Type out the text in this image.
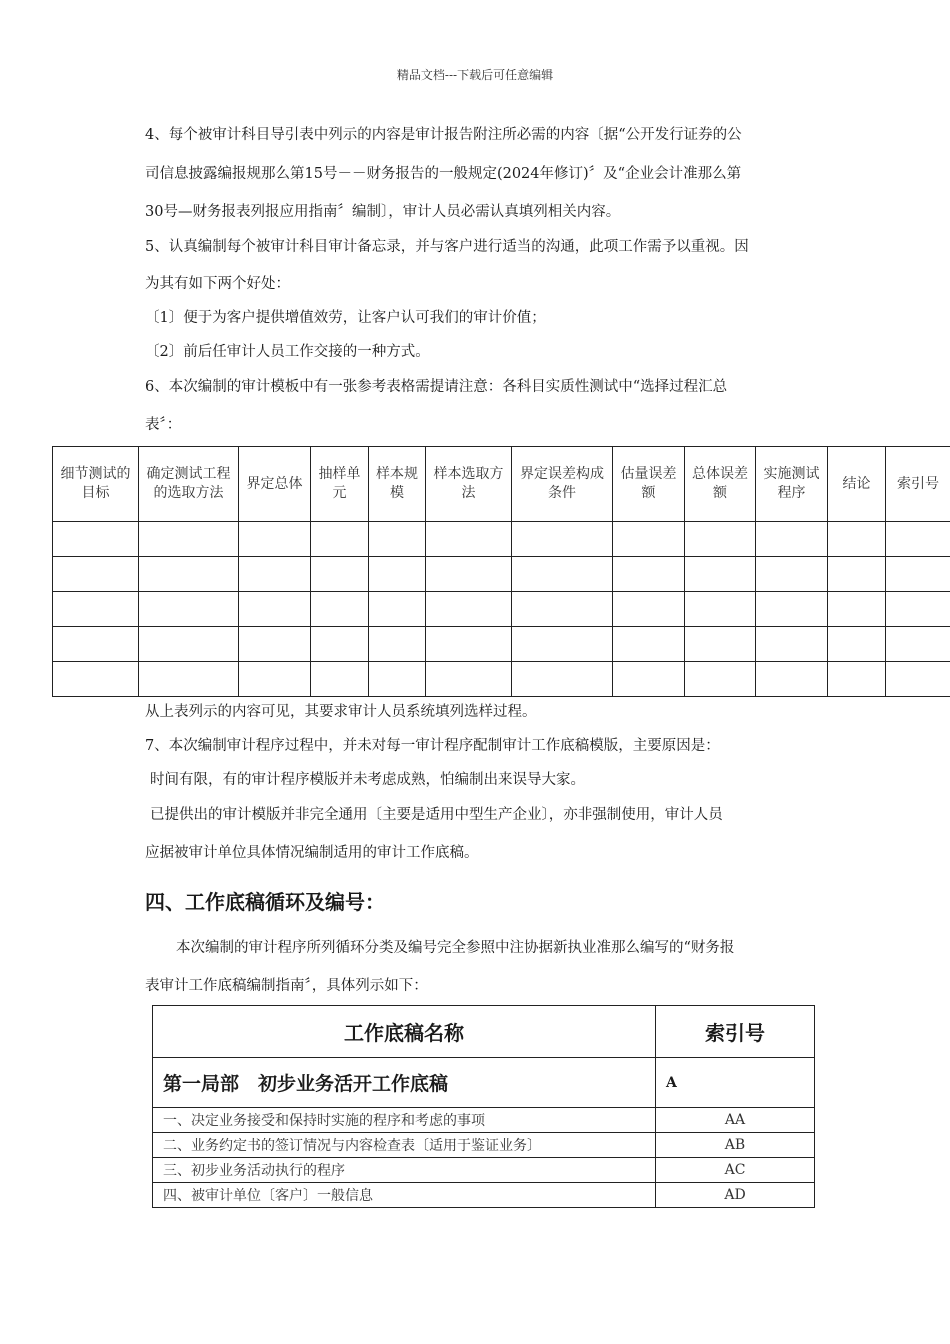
精品文档---下载后可任意编辑
4、每个被审计科目导引表中列示的内容是审计报告附注所必需的内容〔据“公开发行证券的公
司信息披露编报规那么第15号－－财务报告的一般规定(2024年修订)〞及“企业会计准那么第
30号—财务报表列报应用指南〞编制〕，审计人员必需认真填列相关内容。
5、认真编制每个被审计科目审计备忘录，并与客户进行适当的沟通，此项工作需予以重视。因
为其有如下两个好处：
〔1〕便于为客户提供增值效劳，让客户认可我们的审计价值；
〔2〕前后任审计人员工作交接的一种方式。
6、本次编制的审计模板中有一张参考表格需提请注意：各科目实质性测试中“选择过程汇总
表〞：
细节测试的目标	确定测试工程的选取方法	界定总体	抽样单元	样本规模	样本选取方法	界定误差构成条件	估量误差额	总体误差额	实施测试程序	结论	索引号

从上表列示的内容可见，其要求审计人员系统填列选样过程。
7、本次编制审计程序过程中，并未对每一审计程序配制审计工作底稿模版，主要原因是：
时间有限，有的审计程序模版并未考虑成熟，怕编制出来误导大家。
已提供出的审计模版并非完全通用〔主要是适用中型生产企业〕，亦非强制使用，审计人员
应据被审计单位具体情况编制适用的审计工作底稿。
四、工作底稿循环及编号：
本次编制的审计程序所列循环分类及编号完全参照中注协据新执业准那么编写的“财务报
表审计工作底稿编制指南〞，具体列示如下：
工作底稿名称	索引号
第一局部　初步业务活开工作底稿	A
一、决定业务接受和保持时实施的程序和考虑的事项	AA
二、业务约定书的签订情况与内容检查表〔适用于鉴证业务〕	AB
三、初步业务活动执行的程序	AC
四、被审计单位〔客户〕一般信息	AD
